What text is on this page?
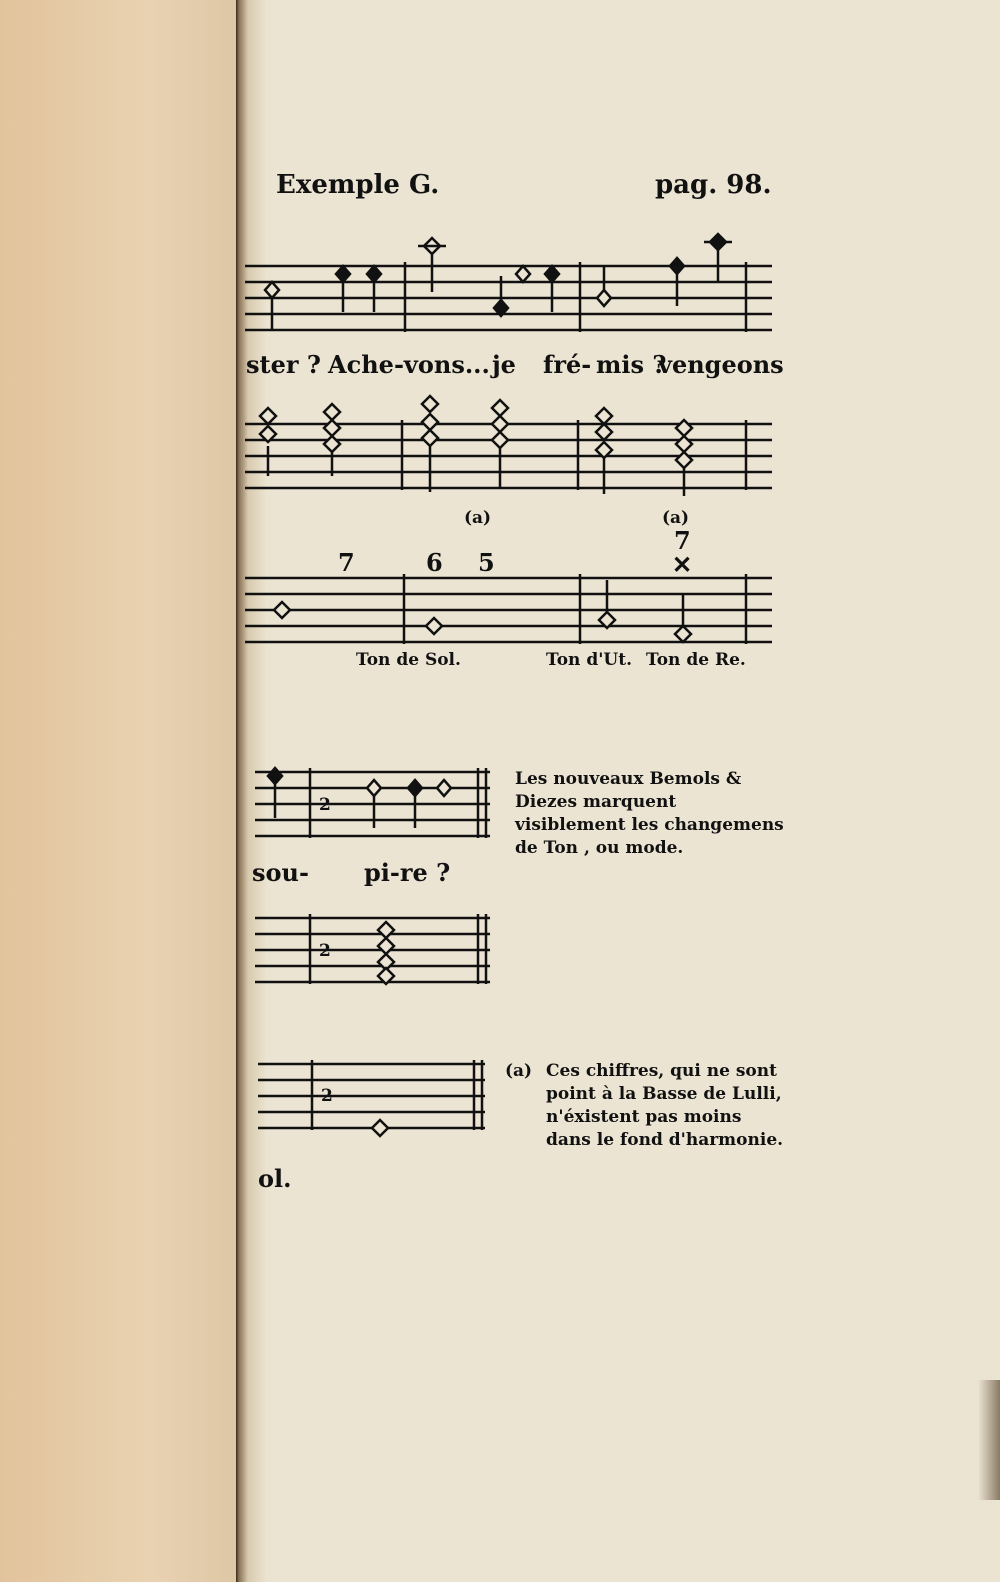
Exemple G.	pag. 98.

ster ? Ache-vons... je fré- mis ?

vengeons

(a)	(a)

7	6 5

7

✕

Ton de Sol.	Ton d'Ut. Ton de Re.

2

2

2

sou- pi-re ?

ol.

Les nouveaux Bemols & Diezes marquent visiblement les changemens de Ton , ou mode.

(a) Ces chiffres, qui ne sont point à la Basse de Lulli, n'éxistent pas moins dans le fond d'harmonie.
